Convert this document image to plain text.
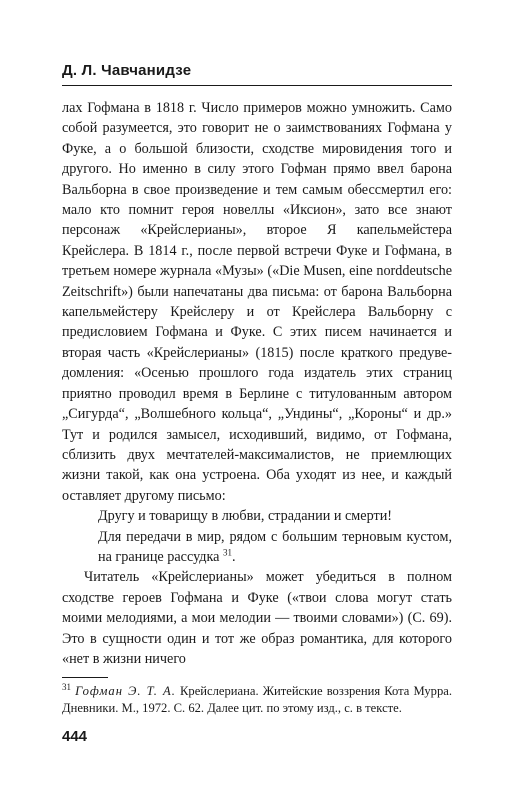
Д. Л. Чавчанидзе

лах Гофмана в 1818 г. Число примеров можно умножить. Само собой разумеется, это говорит не о заимствованиях Гофмана у Фуке, а о большой близости, сходстве мировидения того и другого. Но именно в силу этого Гофман прямо ввел барона Вальборна в свое произведение и тем самым обессмертил его: мало кто помнит героя новеллы «Иксион», зато все знают персонаж «Крейслерианы», второе Я капельмейстера Крейслера. В 1814 г., после первой встречи Фуке и Гофмана, в третьем номере журнала «Музы» («Die Musen, eine norddeutsche Zeitschrift») были напечатаны два письма: от барона Вальборна капельмейстеру Крейслеру и от Крейслера Вальборну с предисловием Гофмана и Фуке. С этих писем начинается и вторая часть «Крейслерианы» (1815) после краткого предуведомления: «Осенью прошлого года издатель этих страниц приятно проводил время в Берлине с титулованным автором „Сигурда“, „Волшебного кольца“, „Ундины“, „Короны“ и др.» Тут и родился замысел, исходивший, видимо, от Гофмана, сблизить двух мечтателей-максималистов, не приемлющих жизни такой, как она устроена. Оба уходят из нее, и каждый оставляет другому письмо:

Другу и товарищу в любви, страдании и смерти!
Для передачи в мир, рядом с большим терновым кустом, на границе рассудка $^{31}$.

Читатель «Крейслерианы» может убедиться в полном сходстве героев Гофмана и Фуке («твои слова могут стать моими мелодиями, а мои мелодии — твоими словами») (С. 69). Это в сущности один и тот же образ романтика, для которого «нет в жизни ничего

$^{31}$ Гофман Э. Т. А. Крейслериана. Житейские воззрения Кота Мурра. Дневники. М., 1972. С. 62. Далее цит. по этому изд., с. в тексте.
444
